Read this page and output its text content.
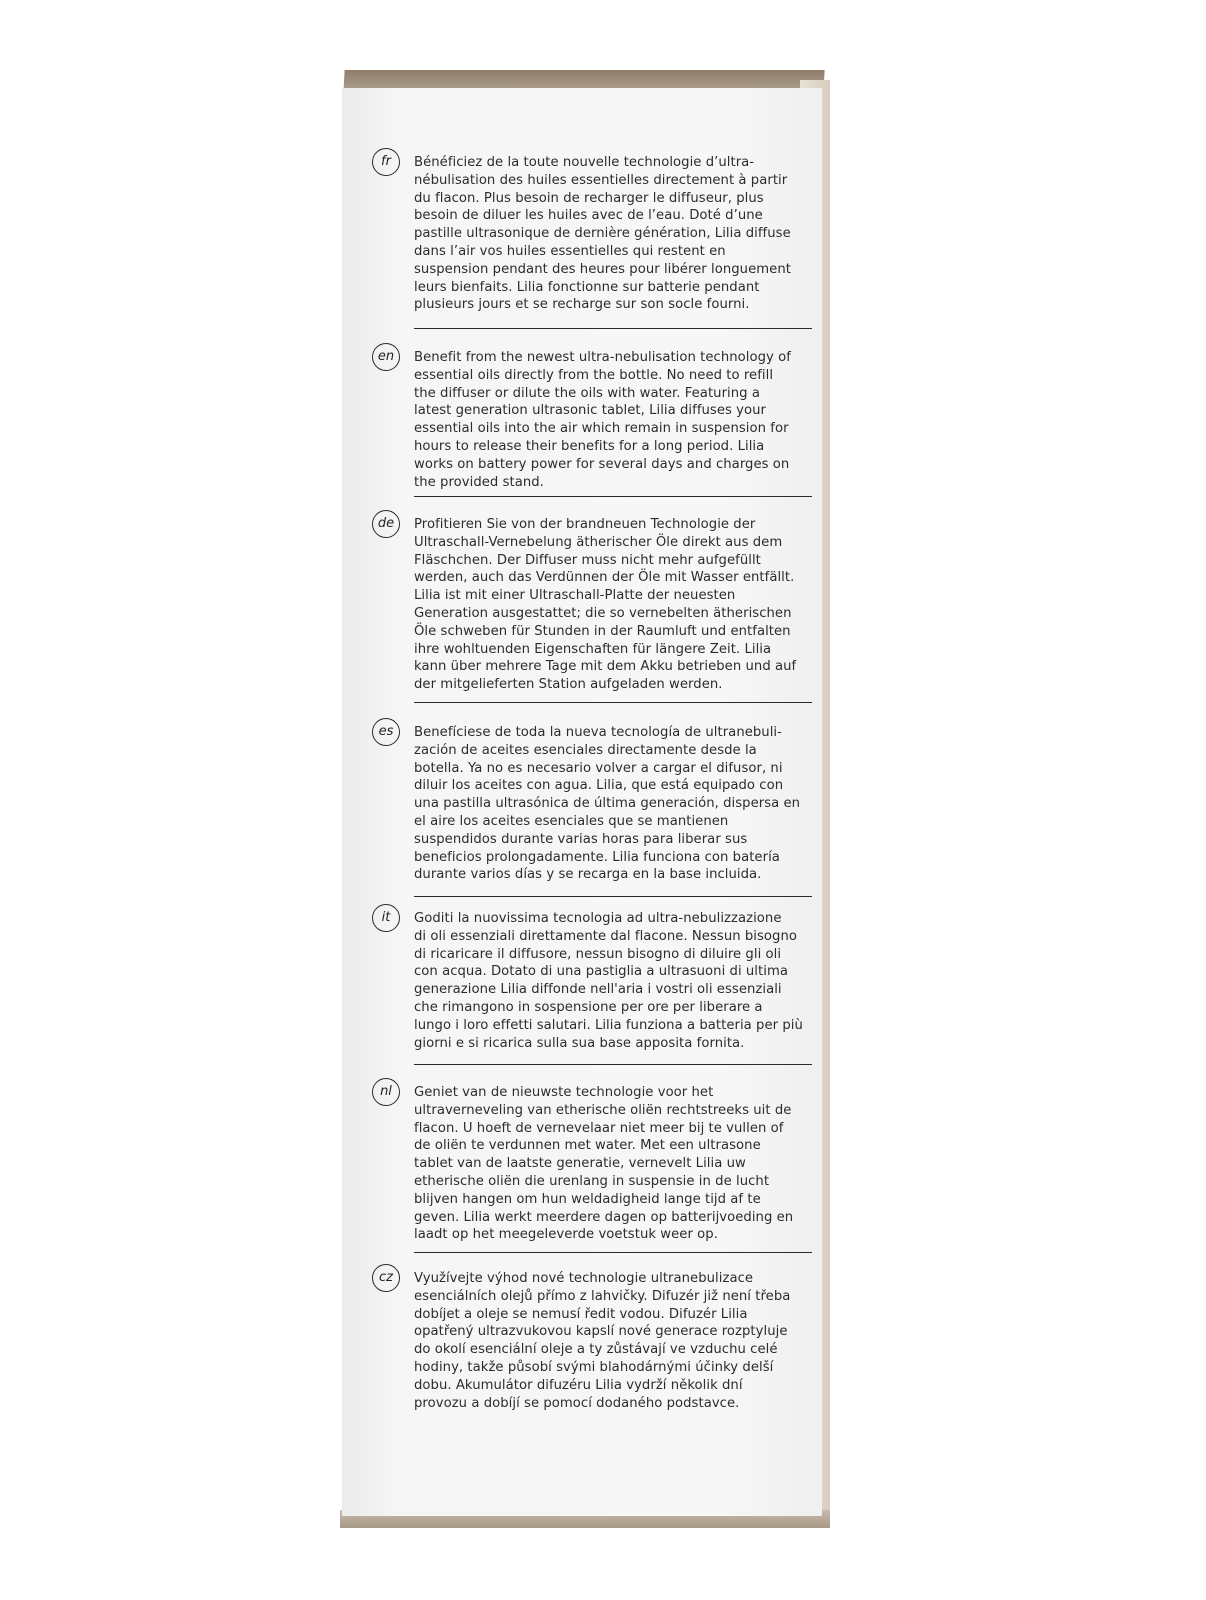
fr	Bénéficiez de la toute nouvelle technologie d’ultra-
nébulisation des huiles essentielles directement à partir
du flacon. Plus besoin de recharger le diffuseur, plus
besoin de diluer les huiles avec de l’eau. Doté d’une
pastille ultrasonique de dernière génération, Lilia diffuse
dans l’air vos huiles essentielles qui restent en
suspension pendant des heures pour libérer longuement
leurs bienfaits. Lilia fonctionne sur batterie pendant
plusieurs jours et se recharge sur son socle fourni.

en	Benefit from the newest ultra-nebulisation technology of
essential oils directly from the bottle. No need to refill
the diffuser or dilute the oils with water. Featuring a
latest generation ultrasonic tablet, Lilia diffuses your
essential oils into the air which remain in suspension for
hours to release their benefits for a long period. Lilia
works on battery power for several days and charges on
the provided stand.

de	Profitieren Sie von der brandneuen Technologie der
Ultraschall-Vernebelung ätherischer Öle direkt aus dem
Fläschchen. Der Diffuser muss nicht mehr aufgefüllt
werden, auch das Verdünnen der Öle mit Wasser entfällt.
Lilia ist mit einer Ultraschall-Platte der neuesten
Generation ausgestattet; die so vernebelten ätherischen
Öle schweben für Stunden in der Raumluft und entfalten
ihre wohltuenden Eigenschaften für längere Zeit. Lilia
kann über mehrere Tage mit dem Akku betrieben und auf
der mitgelieferten Station aufgeladen werden.

es	Benefíciese de toda la nueva tecnología de ultranebuli-
zación de aceites esenciales directamente desde la
botella. Ya no es necesario volver a cargar el difusor, ni
diluir los aceites con agua. Lilia, que está equipado con
una pastilla ultrasónica de última generación, dispersa en
el aire los aceites esenciales que se mantienen
suspendidos durante varias horas para liberar sus
beneficios prolongadamente. Lilia funciona con batería
durante varios días y se recarga en la base incluida.

it	Goditi la nuovissima tecnologia ad ultra-nebulizzazione
di oli essenziali direttamente dal flacone. Nessun bisogno
di ricaricare il diffusore, nessun bisogno di diluire gli oli
con acqua. Dotato di una pastiglia a ultrasuoni di ultima
generazione Lilia diffonde nell'aria i vostri oli essenziali
che rimangono in sospensione per ore per liberare a
lungo i loro effetti salutari. Lilia funziona a batteria per più
giorni e si ricarica sulla sua base apposita fornita.

nl	Geniet van de nieuwste technologie voor het
ultraverneveling van etherische oliën rechtstreeks uit de
flacon. U hoeft de vernevelaar niet meer bij te vullen of
de oliën te verdunnen met water. Met een ultrasone
tablet van de laatste generatie, vernevelt Lilia uw
etherische oliën die urenlang in suspensie in de lucht
blijven hangen om hun weldadigheid lange tijd af te
geven. Lilia werkt meerdere dagen op batterijvoeding en
laadt op het meegeleverde voetstuk weer op.

cz	Využívejte výhod nové technologie ultranebulizace
esenciálních olejů přímo z lahvičky. Difuzér již není třeba
dobíjet a oleje se nemusí ředit vodou. Difuzér Lilia
opatřený ultrazvukovou kapslí nové generace rozptyluje
do okolí esenciální oleje a ty zůstávají ve vzduchu celé
hodiny, takže působí svými blahodárnými účinky delší
dobu. Akumulátor difuzéru Lilia vydrží několik dní
provozu a dobíjí se pomocí dodaného podstavce.
